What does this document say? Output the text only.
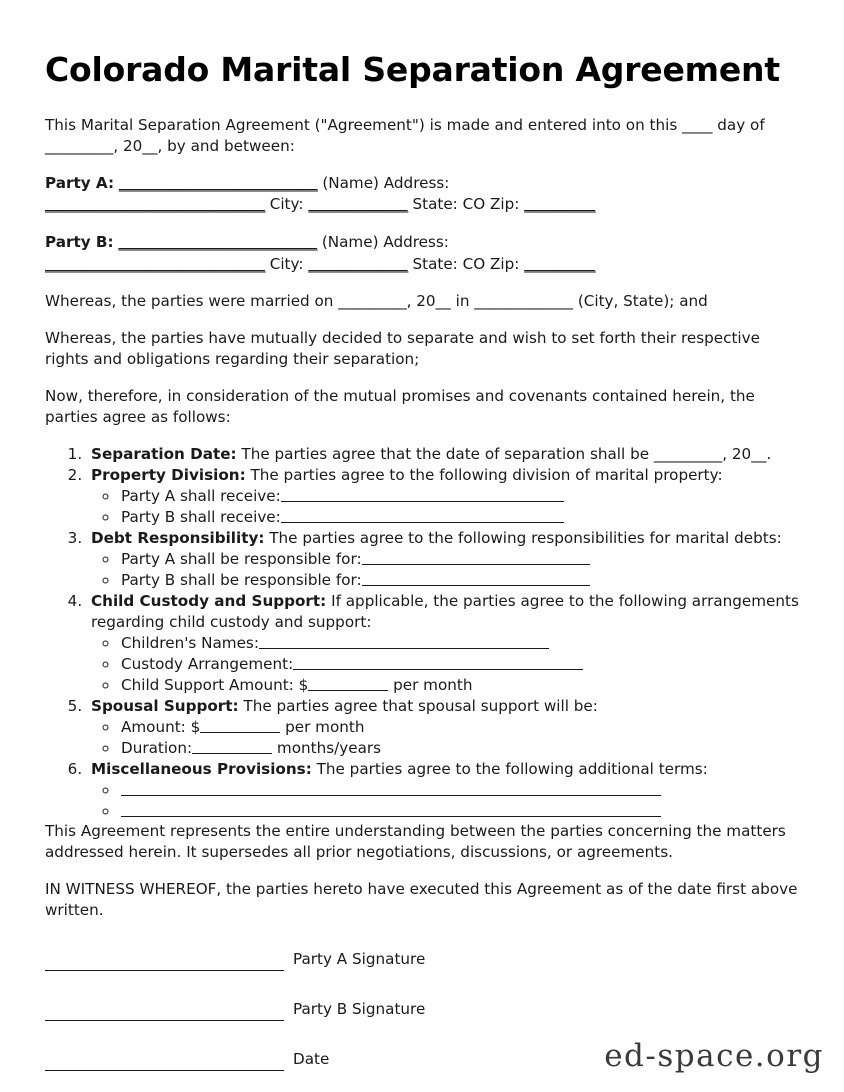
Colorado Marital Separation Agreement

This Marital Separation Agreement ("Agreement") is made and entered into on this ____ day of _________, 20__, by and between:

Party A: ____________________________ (Name) Address:
_______________________________ City: ______________ State: CO Zip: __________
Party B: ____________________________ (Name) Address:
_______________________________ City: ______________ State: CO Zip: __________

Whereas, the parties were married on _________, 20__ in _____________ (City, State); and

Whereas, the parties have mutually decided to separate and wish to set forth their respective rights and obligations regarding their separation;

Now, therefore, in consideration of the mutual promises and covenants contained herein, the parties agree as follows:

1. Separation Date: The parties agree that the date of separation shall be _________, 20__.
2. Property Division: The parties agree to the following division of marital property:
◦ Party A shall receive:
◦ Party B shall receive:
3. Debt Responsibility: The parties agree to the following responsibilities for marital debts:
◦ Party A shall be responsible for:
◦ Party B shall be responsible for:
4. Child Custody and Support: If applicable, the parties agree to the following arrangements regarding child custody and support:
◦ Children's Names:
◦ Custody Arrangement:
◦ Child Support Amount: $	per month
5. Spousal Support: The parties agree that spousal support will be:
◦ Amount: $	per month
◦ Duration:	months/years
6. Miscellaneous Provisions: The parties agree to the following additional terms:
◦
◦

This Agreement represents the entire understanding between the parties concerning the matters addressed herein. It supersedes all prior negotiations, discussions, or agreements.

IN WITNESS WHEREOF, the parties hereto have executed this Agreement as of the date first above written.

Party A Signature
Party B Signature
Date	ed-space.org
